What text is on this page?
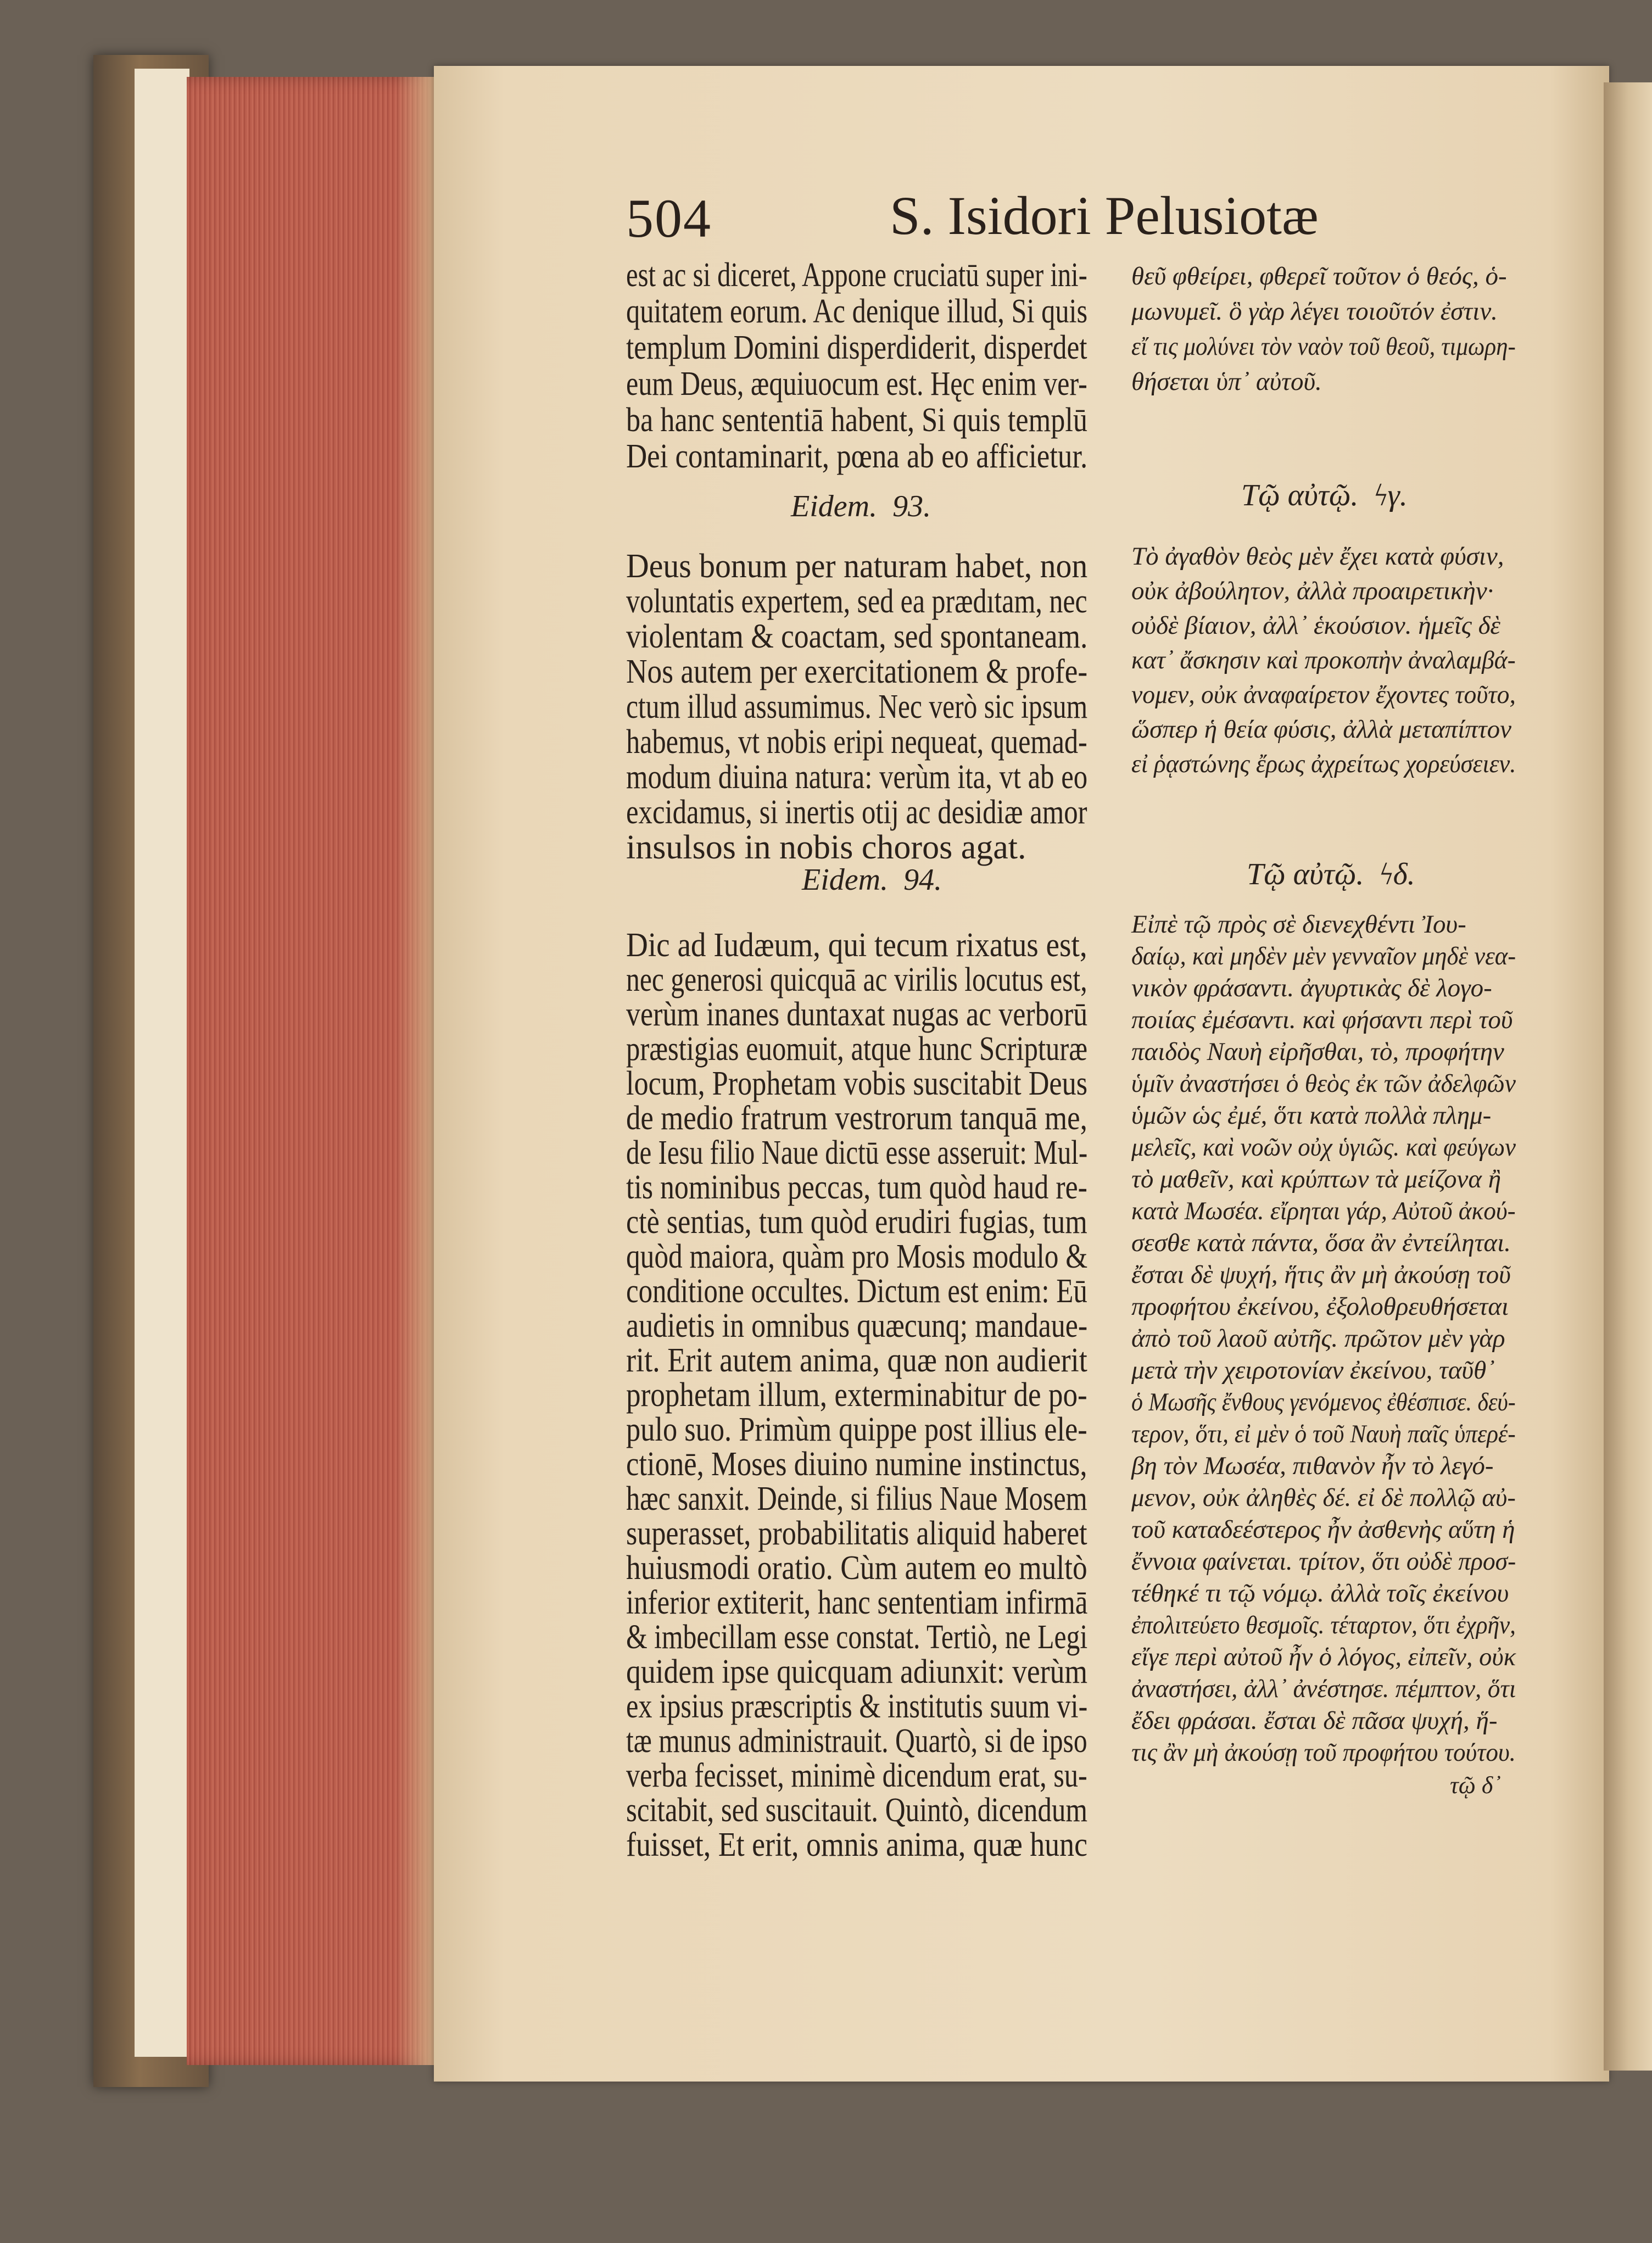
504	S. Isidori Pelusiotæ
est ac si diceret, Appone cruciatū super ini-
quitatem eorum. Ac denique illud, Si quis
templum Domini disperdiderit, disperdet
eum Deus, æquiuocum est. Hęc enim ver-
ba hanc sententiā habent, Si quis templū
Dei contaminarit, pœna ab eo afficietur.
Eidem.  93.
Deus bonum per naturam habet, non
voluntatis expertem, sed ea prædıtam, nec
violentam & coactam, sed spontaneam.
Nos autem per exercitationem & profe-
ctum illud assumimus. Nec verò sic ipsum
habemus, vt nobis eripi nequeat, quemad-
modum diuina natura: verùm ita, vt ab eo
excidamus, si inertis otij ac desidiæ amor
insulsos in nobis choros agat.
Eidem.  94.
Dic ad Iudæum, qui tecum rixatus est,
nec generosi quicquā ac virilis locutus est,
verùm inanes duntaxat nugas ac verborū
præstigias euomuit, atque hunc Scripturæ
locum, Prophetam vobis suscitabit Deus
de medio fratrum vestrorum tanquā me,
de Iesu filio Naue dictū esse asseruit: Mul-
tis nominibus peccas, tum quòd haud re-
ctè sentias, tum quòd erudiri fugias, tum
quòd maiora, quàm pro Mosis modulo &
conditione occultes. Dictum est enim: Eū
audietis in omnibus quæcunq; mandaue-
rit. Erit autem anima, quæ non audierit
prophetam illum, exterminabitur de po-
pulo suo. Primùm quippe post illius ele-
ctionē, Moses diuino numine instinctus,
hæc sanxit. Deinde, si filius Naue Mosem
superasset, probabilitatis aliquid haberet
huiusmodi oratio. Cùm autem eo multò
inferior extiterit, hanc sententiam infirmā
& imbecillam esse constat. Tertiò, ne Legi
quidem ipse quicquam adiunxit: verùm
ex ipsius præscriptis & institutis suum vi-
tæ munus administrauit. Quartò, si de ipso
verba fecisset, minimè dicendum erat, su-
scitabit, sed suscitauit. Quintò, dicendum
fuisset, Et erit, omnis anima, quæ hunc
θεῦ φθείρει, φθερεῖ τοῦτον ὁ θεός, ὁ-
μωνυμεῖ. ὃ γὰρ λέγει τοιοῦτόν ἐστιν.
εἴ τις μολύνει τὸν ναὸν τοῦ θεοῦ, τιμωρη-
θήσεται ὑπ᾽ αὐτοῦ.
Τῷ αὐτῷ.  ϟγ.
Τὸ ἀγαθὸν θεὸς μὲν ἔχει κατὰ φύσιν,
οὐκ ἀβούλητον, ἀλλὰ προαιρετικὴν·
οὐδὲ βίαιον, ἀλλ᾽ ἑκούσιον. ἡμεῖς δὲ
κατ᾽ ἄσκησιν καὶ προκοπὴν ἀναλαμβά-
νομεν, οὐκ ἀναφαίρετον ἔχοντες τοῦτο,
ὥσπερ ἡ θεία φύσις, ἀλλὰ μεταπίπτον
εἰ ῥᾳστώνης ἔρως ἀχρείτως χορεύσειεν.
Τῷ αὐτῷ.  ϟδ.
Εἰπὲ τῷ πρὸς σὲ διενεχθέντι Ἰου-
δαίῳ, καὶ μηδὲν μὲν γενναῖον μηδὲ νεα-
νικὸν φράσαντι. ἀγυρτικὰς δὲ λογο-
ποιίας ἐμέσαντι. καὶ φήσαντι περὶ τοῦ
παιδὸς Ναυὴ εἰρῆσθαι, τὸ, προφήτην
ὑμῖν ἀναστήσει ὁ θεὸς ἐκ τῶν ἀδελφῶν
ὑμῶν ὡς ἐμέ, ὅτι κατὰ πολλὰ πλημ-
μελεῖς, καὶ νοῶν οὐχ ὑγιῶς. καὶ φεύγων
τὸ μαθεῖν, καὶ κρύπτων τὰ μείζονα ἢ
κατὰ Μωσέα. εἴρηται γάρ, Αὐτοῦ ἀκού-
σεσθε κατὰ πάντα, ὅσα ἂν ἐντείληται.
ἔσται δὲ ψυχή, ἥτις ἂν μὴ ἀκούσῃ τοῦ
προφήτου ἐκείνου, ἐξολοθρευθήσεται
ἀπὸ τοῦ λαοῦ αὐτῆς. πρῶτον μὲν γὰρ
μετὰ τὴν χειροτονίαν ἐκείνου, ταῦθ᾽
ὁ Μωσῆς ἔνθους γενόμενος ἐθέσπισε. δεύ-
τερον, ὅτι, εἰ μὲν ὁ τοῦ Ναυὴ παῖς ὑπερέ-
βη τὸν Μωσέα, πιθανὸν ἦν τὸ λεγό-
μενον, οὐκ ἀληθὲς δέ. εἰ δὲ πολλῷ αὐ-
τοῦ καταδεέστερος ἦν ἀσθενὴς αὕτη ἡ
ἔννοια φαίνεται. τρίτον, ὅτι οὐδὲ προσ-
τέθηκέ τι τῷ νόμῳ. ἀλλὰ τοῖς ἐκείνου
ἐπολιτεύετο θεσμοῖς. τέταρτον, ὅτι ἐχρῆν,
εἴγε περὶ αὐτοῦ ἦν ὁ λόγος, εἰπεῖν, οὐκ
ἀναστήσει, ἀλλ᾽ ἀνέστησε. πέμπτον, ὅτι
ἔδει φράσαι. ἔσται δὲ πᾶσα ψυχή, ἥ-
τις ἂν μὴ ἀκούσῃ τοῦ προφήτου τούτου.
τῷ δ᾽
